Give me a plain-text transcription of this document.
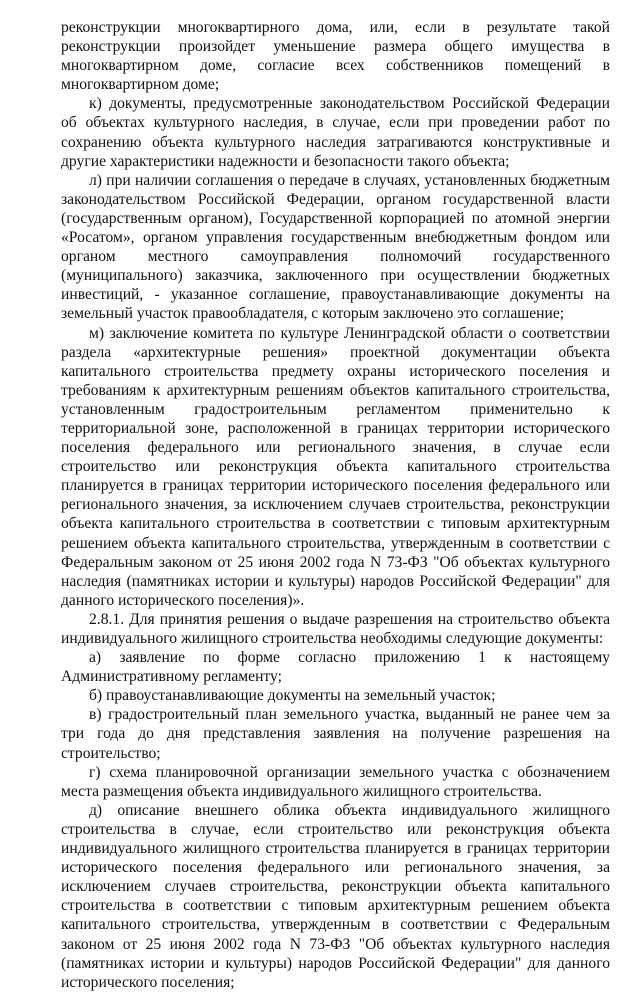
реконструкции многоквартирного дома, или, если в результате такой реконструкции произойдет уменьшение размера общего имущества в многоквартирном доме, согласие всех собственников помещений в многоквартирном доме;

к) документы, предусмотренные законодательством Российской Федерации об объектах культурного наследия, в случае, если при проведении работ по сохранению объекта культурного наследия затрагиваются конструктивные и другие характеристики надежности и безопасности такого объекта;

л) при наличии соглашения о передаче в случаях, установленных бюджетным законодательством Российской Федерации, органом государственной власти (государственным органом), Государственной корпорацией по атомной энергии «Росатом», органом управления государственным внебюджетным фондом или органом местного самоуправления полномочий государственного (муниципального) заказчика, заключенного при осуществлении бюджетных инвестиций, - указанное соглашение, правоустанавливающие документы на земельный участок правообладателя, с которым заключено это соглашение;

м) заключение комитета по культуре Ленинградской области о соответствии раздела «архитектурные решения» проектной документации объекта капитального строительства предмету охраны исторического поселения и требованиям к архитектурным решениям объектов капитального строительства, установленным градостроительным регламентом применительно к территориальной зоне, расположенной в границах территории исторического поселения федерального или регионального значения, в случае если строительство или реконструкция объекта капитального строительства планируется в границах территории исторического поселения федерального или регионального значения, за исключением случаев строительства, реконструкции объекта капитального строительства в соответствии с типовым архитектурным решением объекта капитального строительства, утвержденным в соответствии с Федеральным законом от 25 июня 2002 года N 73-ФЗ "Об объектах культурного наследия (памятниках истории и культуры) народов Российской Федерации" для данного исторического поселения)».

2.8.1. Для принятия решения о выдаче разрешения на строительство объекта индивидуального жилищного строительства необходимы следующие документы:

а) заявление по форме согласно приложению 1 к настоящему Административному регламенту;

б) правоустанавливающие документы на земельный участок;

в) градостроительный план земельного участка, выданный не ранее чем за три года до дня представления заявления на получение разрешения на строительство;

г) схема планировочной организации земельного участка с обозначением места размещения объекта индивидуального жилищного строительства.

д) описание внешнего облика объекта индивидуального жилищного строительства в случае, если строительство или реконструкция объекта индивидуального жилищного строительства планируется в границах территории исторического поселения федерального или регионального значения, за исключением случаев строительства, реконструкции объекта капитального строительства в соответствии с типовым архитектурным решением объекта капитального строительства, утвержденным в соответствии с Федеральным законом от 25 июня 2002 года N 73-ФЗ "Об объектах культурного наследия (памятниках истории и культуры) народов Российской Федерации" для данного исторического поселения;
